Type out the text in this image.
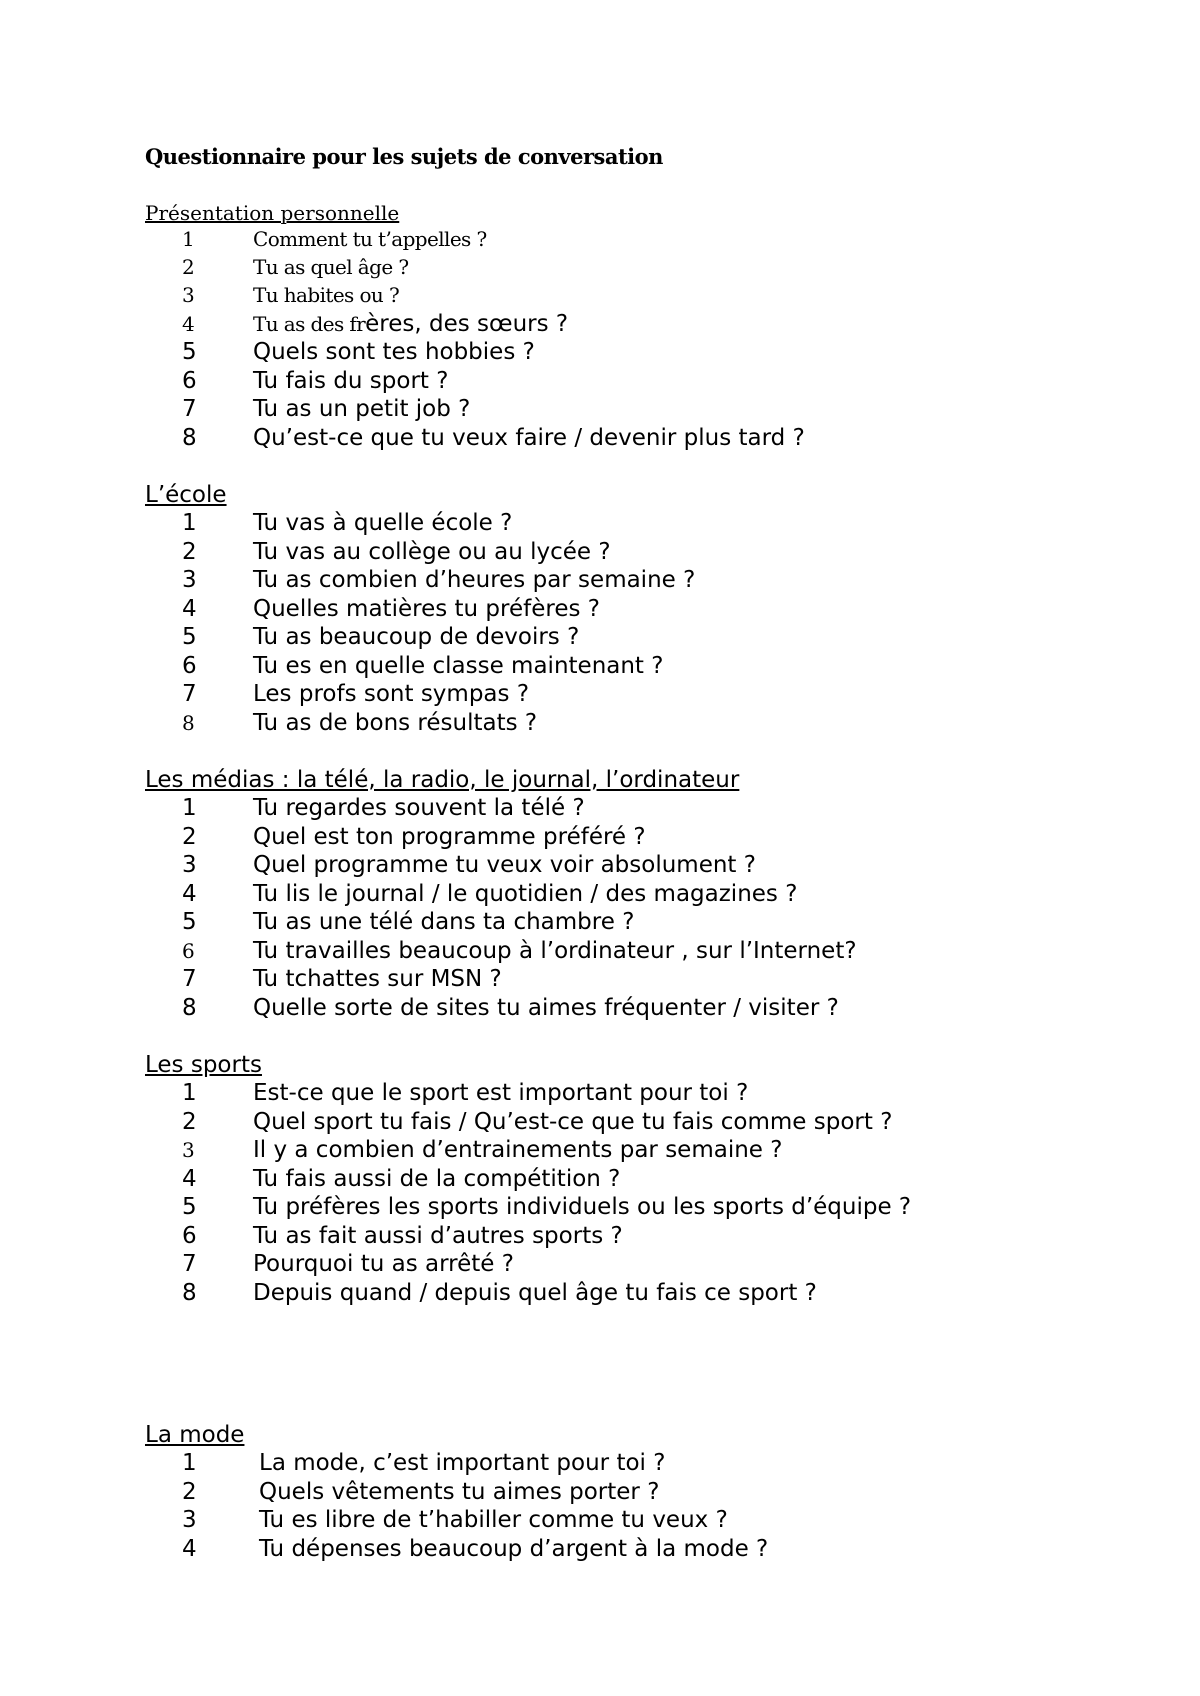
Questionnaire pour les sujets de conversation
Présentation personnelle
1	Comment tu t’appelles ?
2	Tu as quel âge ?
3	Tu habites ou ?
4	Tu as des frères, des sœurs ?
5 Quels sont tes hobbies ?
6 Tu fais du sport ?
7 Tu as un petit job ?
8 Qu’est-ce que tu veux faire / devenir plus tard ?
L’école
1 Tu vas à quelle école ?
2 Tu vas au collège ou au lycée ?
3 Tu as combien d’heures par semaine ?
4 Quelles matières tu préfères ?
5 Tu as beaucoup de devoirs ?
6 Tu es en quelle classe maintenant ?
7 Les profs sont sympas ?
8	Tu as de bons résultats ?
Les médias : la télé, la radio, le journal, l’ordinateur
1 Tu regardes souvent la télé ?
2 Quel est ton programme préféré ?
3 Quel programme tu veux voir absolument ?
4 Tu lis le journal / le quotidien / des magazines ?
5 Tu as une télé dans ta chambre ?
6	Tu travailles beaucoup à l’ordinateur , sur l’Internet?
7 Tu tchattes sur MSN ?
8 Quelle sorte de sites tu aimes fréquenter / visiter ?
Les sports
1 Est-ce que le sport est important pour toi ?
2 Quel sport tu fais / Qu’est-ce que tu fais comme sport ?
3	Il y a combien d’entrainements par semaine ?
4 Tu fais aussi de la compétition ?
5 Tu préfères les sports individuels ou les sports d’équipe ?
6 Tu as fait aussi d’autres sports ?
7 Pourquoi tu as arrêté ?
8 Depuis quand / depuis quel âge tu fais ce sport ?
La mode
1	La mode, c’est important pour toi ?
2	Quels vêtements tu aimes porter ?
3	Tu es libre de t’habiller comme tu veux ?
4	Tu dépenses beaucoup d’argent à la mode ?
